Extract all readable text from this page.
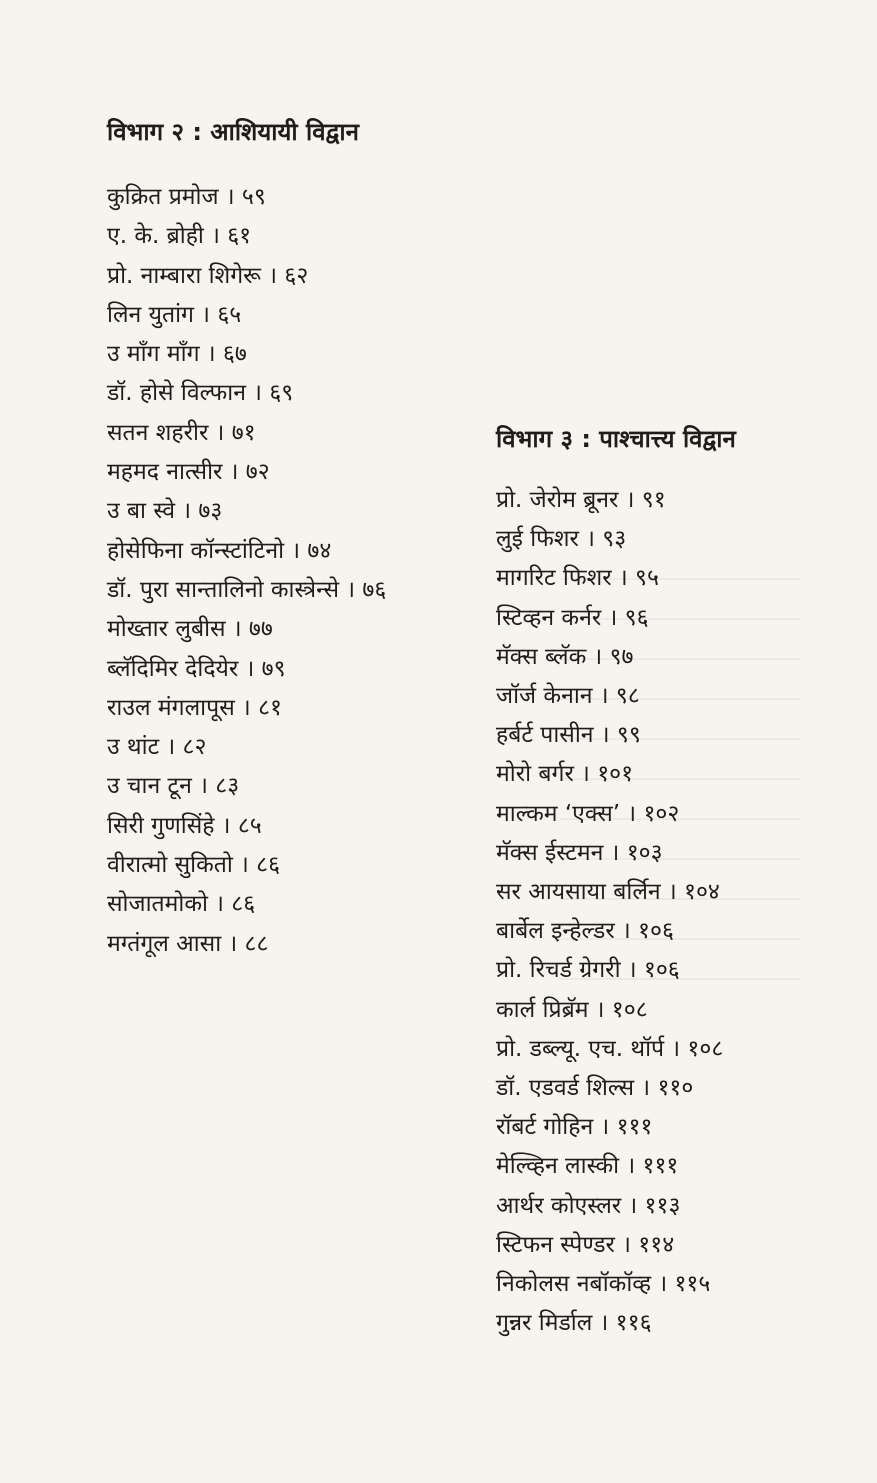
विभाग २ : आशियायी विद्वान
कुक्रित प्रमोज । ५९
ए. के. ब्रोही । ६१
प्रो. नाम्बारा शिगेरू । ६२
लिन युतांग । ६५
उ माँग माँग । ६७
डॉ. होसे विल्फान । ६९
सतन शहरीर । ७१
महमद नात्सीर । ७२
उ बा स्वे । ७३
होसेफिना कॉन्स्टांटिनो । ७४
डॉ. पुरा सान्तालिनो कास्त्रेन्से । ७६
मोख्तार लुबीस । ७७
ब्लॅदिमिर देदियेर । ७९
राउल मंगलापूस । ८१
उ थांट । ८२
उ चान टून । ८३
सिरी गुणसिंहे । ८५
वीरात्मो सुकितो । ८६
सोजातमोको । ८६
मग्तंगूल आसा । ८८
विभाग ३ : पाश्चात्त्य विद्वान
प्रो. जेरोम ब्रूनर । ९१
लुई फिशर । ९३
मागरिट फिशर । ९५
स्टिव्हन कर्नर । ९६
मॅक्स ब्लॅक । ९७
जॉर्ज केनान । ९८
हर्बर्ट पासीन । ९९
मोरो बर्गर । १०१
माल्कम ‘एक्स’ । १०२
मॅक्स ईस्टमन । १०३
सर आयसाया बर्लिन । १०४
बार्बेल इन्हेल्डर । १०६
प्रो. रिचर्ड ग्रेगरी । १०६
कार्ल प्रिब्रॅम । १०८
प्रो. डब्ल्यू. एच. थॉर्प । १०८
डॉ. एडवर्ड शिल्स । ११०
रॉबर्ट गोहिन । १११
मेल्व्हिन लास्की । १११
आर्थर कोएस्लर । ११३
स्टिफन स्पेण्डर । ११४
निकोलस नबॉकॉव्ह । ११५
गुन्नर मिर्डाल । ११६
